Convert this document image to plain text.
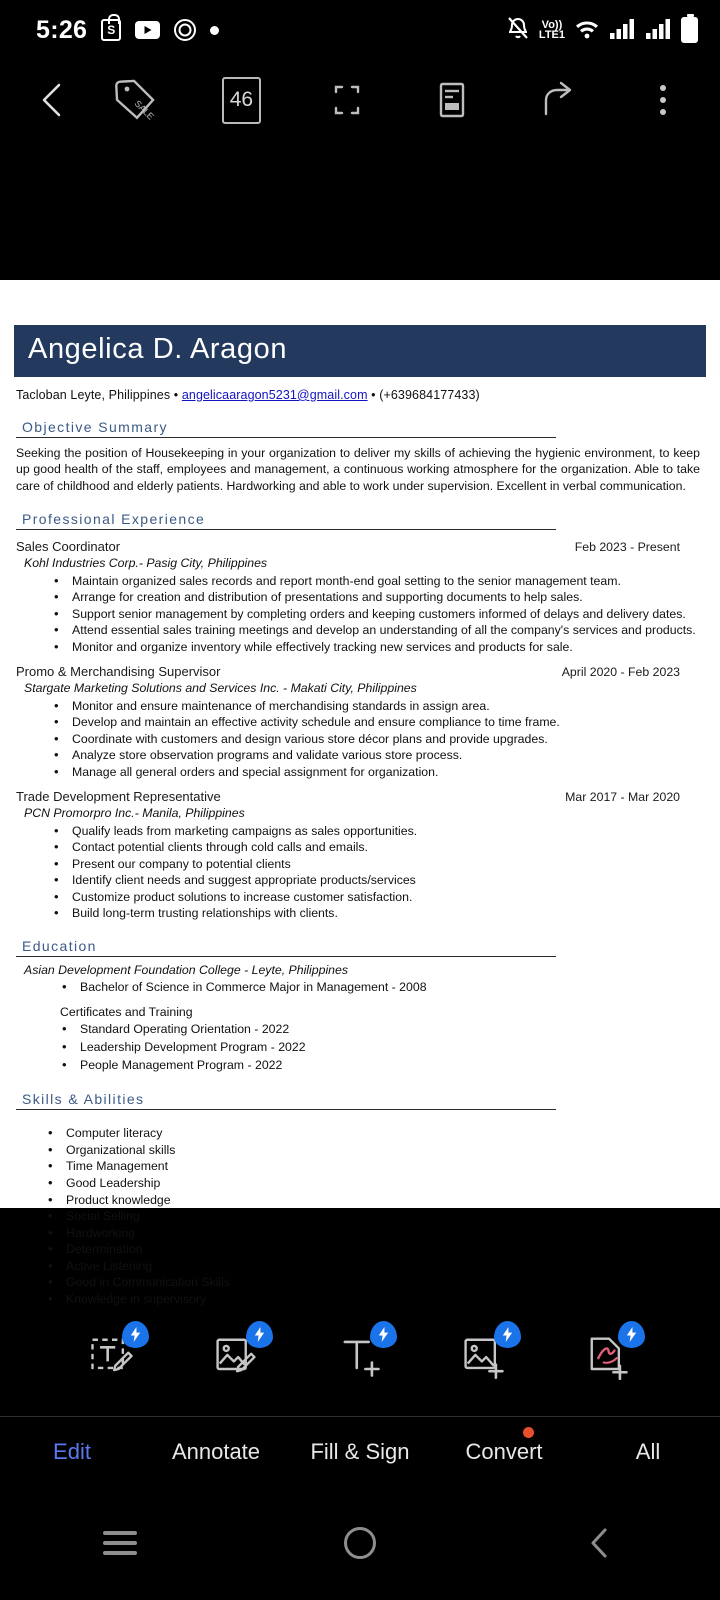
5:26 S	Vo))
LTE1
SALE	46
Angelica D. Aragon
Tacloban Leyte, Philippines • angelicaaragon5231@gmail.com • (+639684177433)
Objective Summary
Seeking the position of Housekeeping in your organization to deliver my skills of achieving the hygienic environment, to keep up good health of the staff, employees and management, a continuous working atmosphere for the organization. Able to take care of childhood and elderly patients. Hardworking and able to work under supervision. Excellent in verbal communication.
Professional Experience
Sales Coordinator	Feb 2023 - Present
Kohl Industries Corp.- Pasig City, Philippines
• Maintain organized sales records and report month-end goal setting to the senior management team.
• Arrange for creation and distribution of presentations and supporting documents to help sales.
• Support senior management by completing orders and keeping customers informed of delays and delivery dates.
• Attend essential sales training meetings and develop an understanding of all the company's services and products.
• Monitor and organize inventory while effectively tracking new services and products for sale.
Promo & Merchandising Supervisor	April 2020 - Feb 2023
Stargate Marketing Solutions and Services Inc. - Makati City, Philippines
• Monitor and ensure maintenance of merchandising standards in assign area.
• Develop and maintain an effective activity schedule and ensure compliance to time frame.
• Coordinate with customers and design various store décor plans and provide upgrades.
• Analyze store observation programs and validate various store process.
• Manage all general orders and special assignment for organization.
Trade Development Representative	Mar 2017 - Mar 2020
PCN Promorpro Inc.- Manila, Philippines
• Qualify leads from marketing campaigns as sales opportunities.
• Contact potential clients through cold calls and emails.
• Present our company to potential clients
• Identify client needs and suggest appropriate products/services
• Customize product solutions to increase customer satisfaction.
• Build long-term trusting relationships with clients.
Education
Asian Development Foundation College - Leyte, Philippines
• Bachelor of Science in Commerce Major in Management - 2008
Certificates and Training
• Standard Operating Orientation - 2022
• Leadership Development Program - 2022
• People Management Program - 2022
Skills & Abilities
• Computer literacy
• Organizational skills
• Time Management
• Good Leadership
• Product knowledge
• Social Selling
• Hardworking
• Determination
• Active Listening
• Good in Communication Skills
• Knowledge in supervisory
Edit	Annotate	Fill & Sign	Convert	All
